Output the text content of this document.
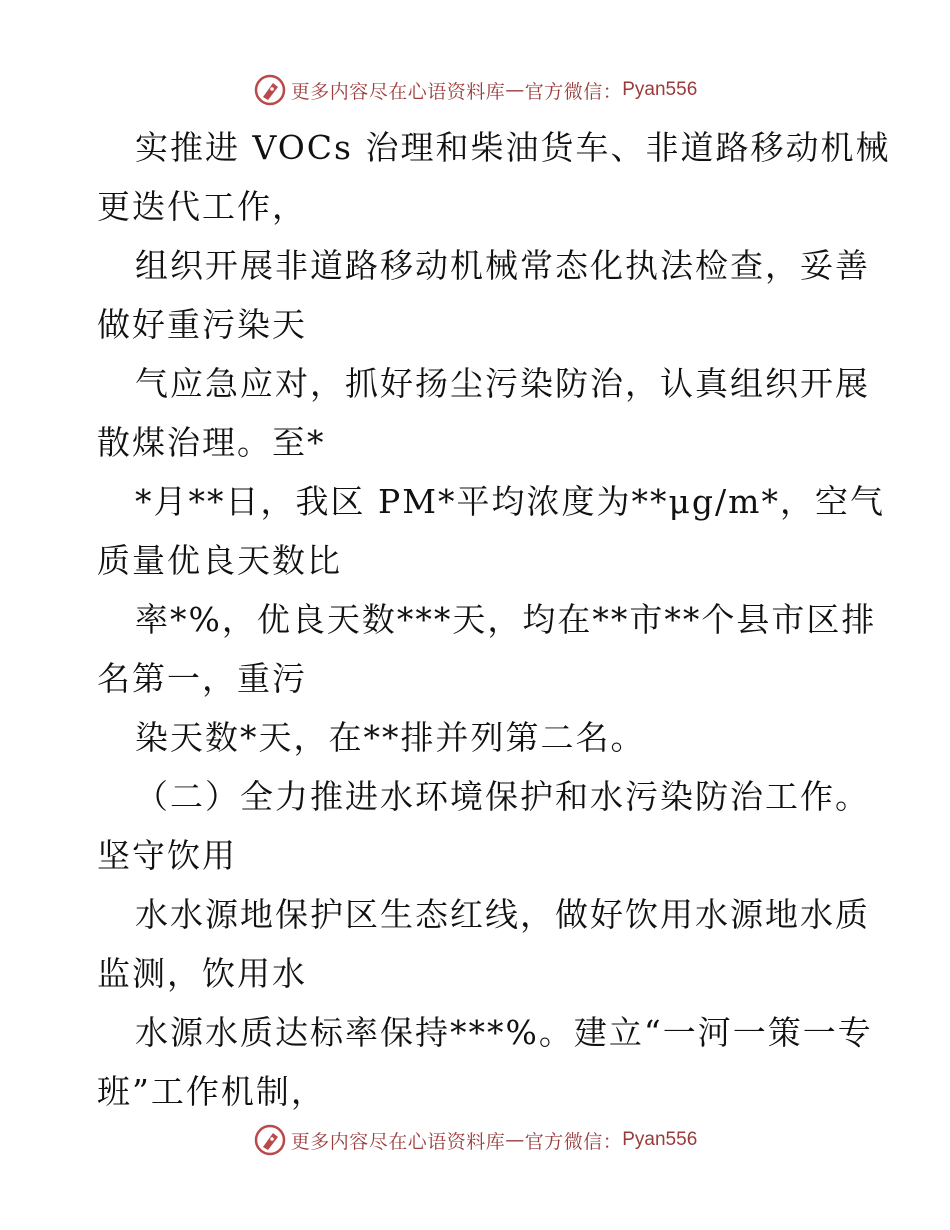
更多内容尽在心语资料库 — 官方微信： Pyan556
实推进 VOCs 治理和柴油货车、非道路移动机械
更迭代工作，
组织开展非道路移动机械常态化执法检查，妥善
做好重污染天
气应急应对，抓好扬尘污染防治，认真组织开展
散煤治理。至*
*月**日，我区 PM*平均浓度为**μg/m*，空气
质量优良天数比
率*%，优良天数***天，均在**市**个县市区排
名第一，重污
染天数*天，在**排并列第二名。
（二）全力推进水环境保护和水污染防治工作。
坚守饮用
水水源地保护区生态红线，做好饮用水源地水质
监测，饮用水
水源水质达标率保持***%。建立“一河一策一专
班”工作机制，
更多内容尽在心语资料库 — 官方微信： Pyan556
